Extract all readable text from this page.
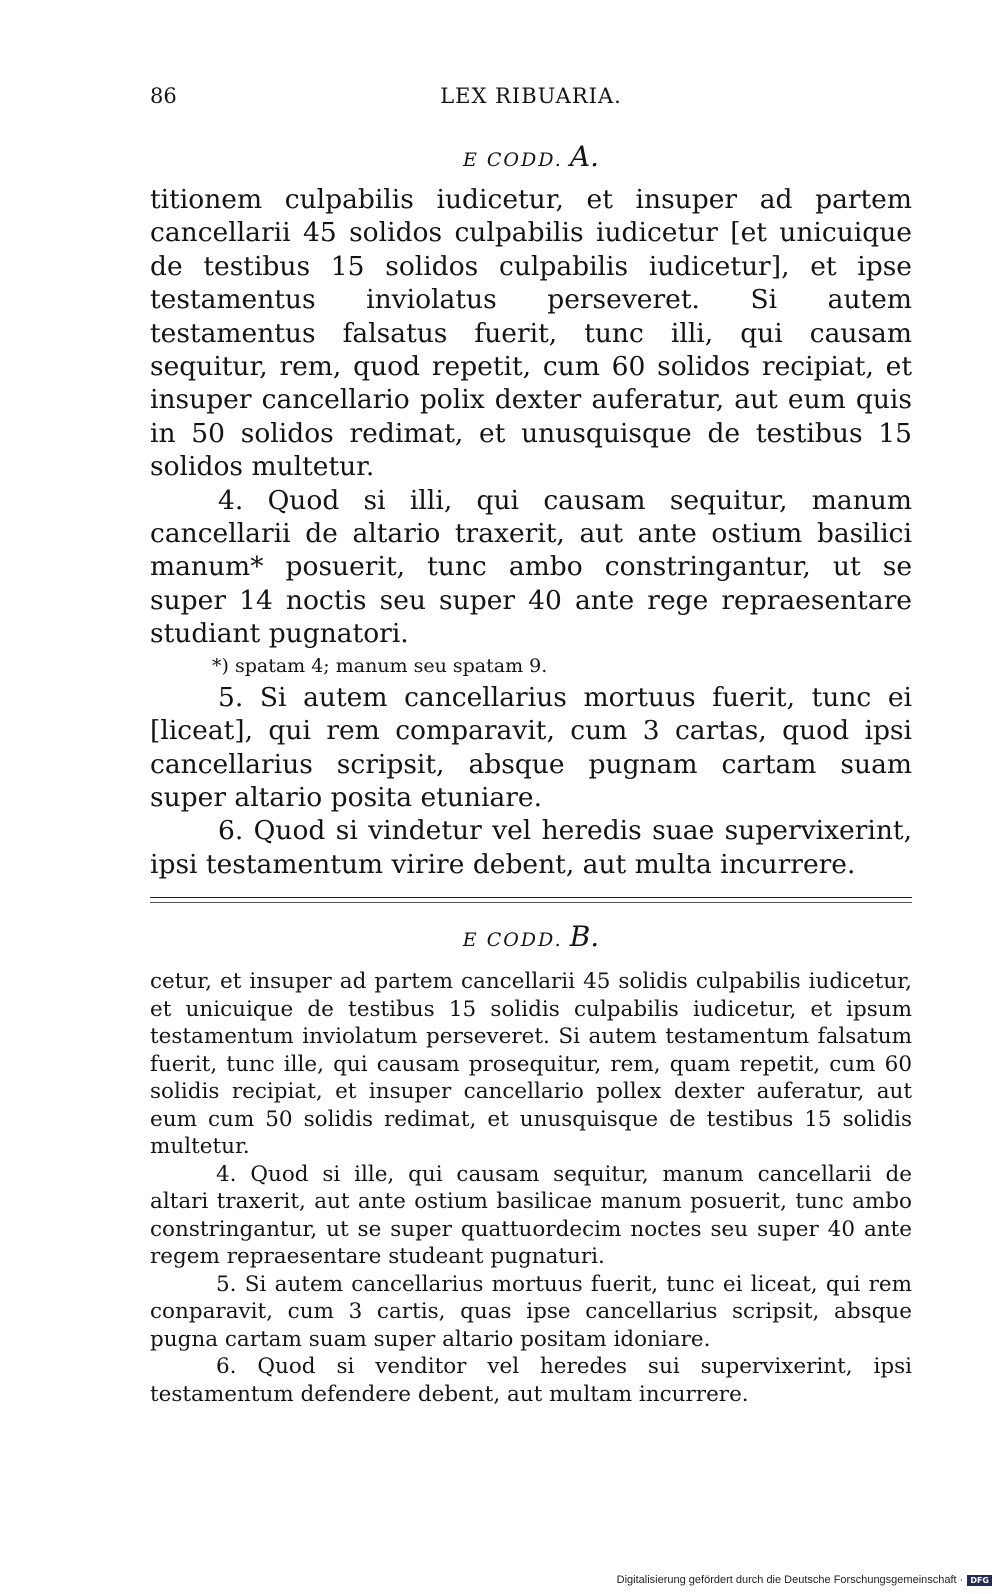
86	LEX RIBUARIA.
E CODD. A.

titionem culpabilis iudicetur, et insuper ad partem cancellarii 45 solidos culpabilis iudicetur [et unicuique de testibus 15 solidos culpabilis iudicetur], et ipse testamentus inviolatus perseveret. Si autem testamentus falsatus fuerit, tunc illi, qui causam sequitur, rem, quod repetit, cum 60 solidos recipiat, et insuper cancellario polix dexter auferatur, aut eum quis in 50 solidos redimat, et unusquisque de testibus 15 solidos multetur.

4. Quod si illi, qui causam sequitur, manum cancellarii de altario traxerit, aut ante ostium basilici manum* posuerit, tunc ambo constringantur, ut se super 14 noctis seu super 40 ante rege repraesentare studiant pugnatori.

*) spatam 4; manum seu spatam 9.

5. Si autem cancellarius mortuus fuerit, tunc ei [liceat], qui rem comparavit, cum 3 cartas, quod ipsi cancellarius scripsit, absque pugnam cartam suam super altario posita etuniare.

6. Quod si vindetur vel heredis suae supervixerint, ipsi testamentum virire debent, aut multa incurrere.

E CODD. B.

cetur, et insuper ad partem cancellarii 45 solidis culpabilis iudicetur, et unicuique de testibus 15 solidis culpabilis iudicetur, et ipsum testamentum inviolatum perseveret. Si autem testamentum falsatum fuerit, tunc ille, qui causam prosequitur, rem, quam repetit, cum 60 solidis recipiat, et insuper cancellario pollex dexter auferatur, aut eum cum 50 solidis redimat, et unusquisque de testibus 15 solidis multetur.

4. Quod si ille, qui causam sequitur, manum cancellarii de altari traxerit, aut ante ostium basilicae manum posuerit, tunc ambo constringantur, ut se super quattuordecim noctes seu super 40 ante regem repraesentare studeant pugnaturi.

5. Si autem cancellarius mortuus fuerit, tunc ei liceat, qui rem conparavit, cum 3 cartis, quas ipse cancellarius scripsit, absque pugna cartam suam super altario positam idoniare.

6. Quod si venditor vel heredes sui supervixerint, ipsi testamentum defendere debent, aut multam incurrere.

Digitalisierung gefördert durch die Deutsche Forschungsgemeinschaft · DFG
